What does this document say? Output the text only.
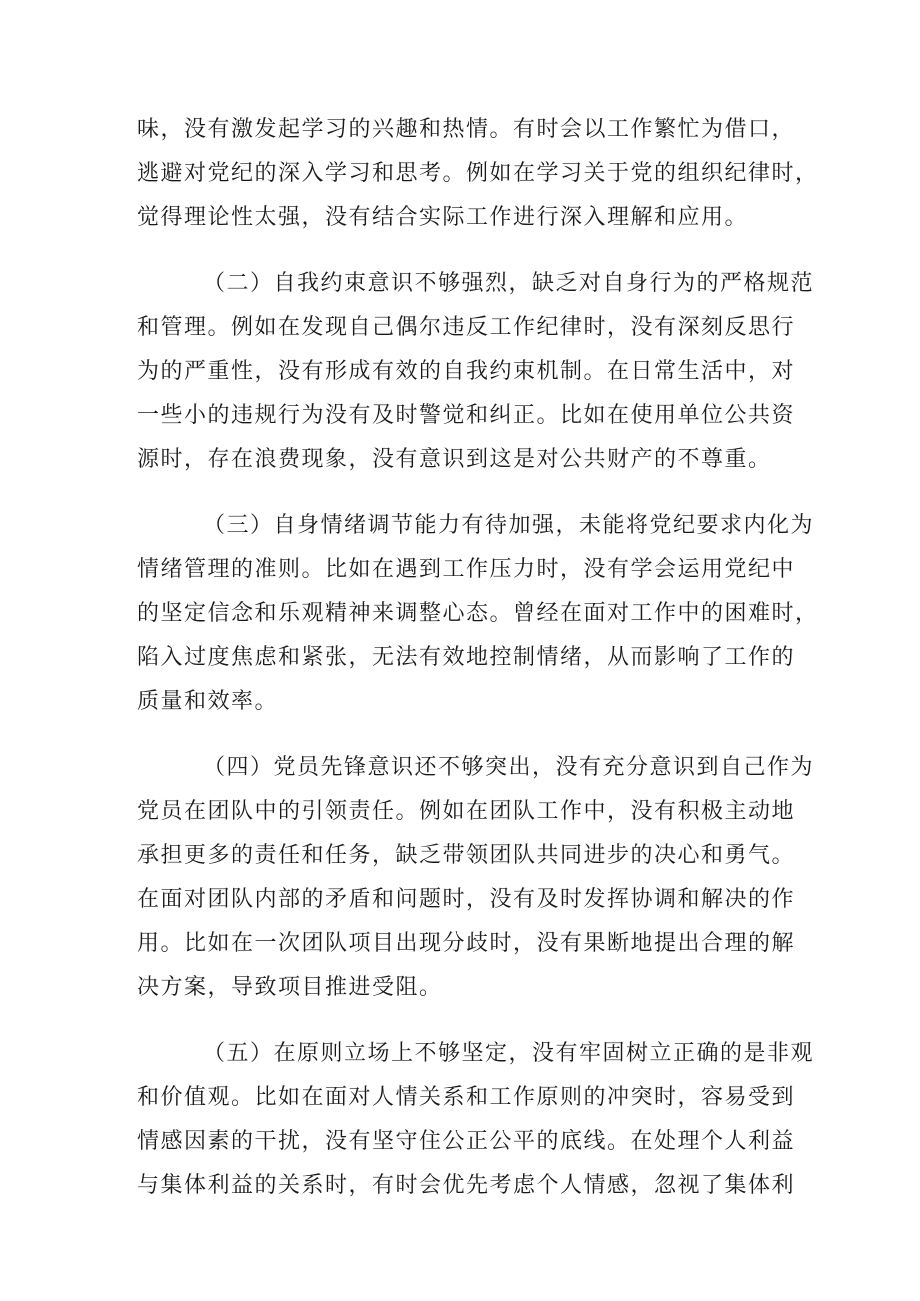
味，没有激发起学习的兴趣和热情。有时会以工作繁忙为借口，
逃避对党纪的深入学习和思考。例如在学习关于党的组织纪律时，
觉得理论性太强，没有结合实际工作进行深入理解和应用。
（二）自我约束意识不够强烈，缺乏对自身行为的严格规范
和管理。例如在发现自己偶尔违反工作纪律时，没有深刻反思行
为的严重性，没有形成有效的自我约束机制。在日常生活中，对
一些小的违规行为没有及时警觉和纠正。比如在使用单位公共资
源时，存在浪费现象，没有意识到这是对公共财产的不尊重。
（三）自身情绪调节能力有待加强，未能将党纪要求内化为
情绪管理的准则。比如在遇到工作压力时，没有学会运用党纪中
的坚定信念和乐观精神来调整心态。曾经在面对工作中的困难时，
陷入过度焦虑和紧张，无法有效地控制情绪，从而影响了工作的
质量和效率。
（四）党员先锋意识还不够突出，没有充分意识到自己作为
党员在团队中的引领责任。例如在团队工作中，没有积极主动地
承担更多的责任和任务，缺乏带领团队共同进步的决心和勇气。
在面对团队内部的矛盾和问题时，没有及时发挥协调和解决的作
用。比如在一次团队项目出现分歧时，没有果断地提出合理的解
决方案，导致项目推进受阻。
（五）在原则立场上不够坚定，没有牢固树立正确的是非观
和价值观。比如在面对人情关系和工作原则的冲突时，容易受到
情感因素的干扰，没有坚守住公正公平的底线。在处理个人利益
与集体利益的关系时，有时会优先考虑个人情感，忽视了集体利
